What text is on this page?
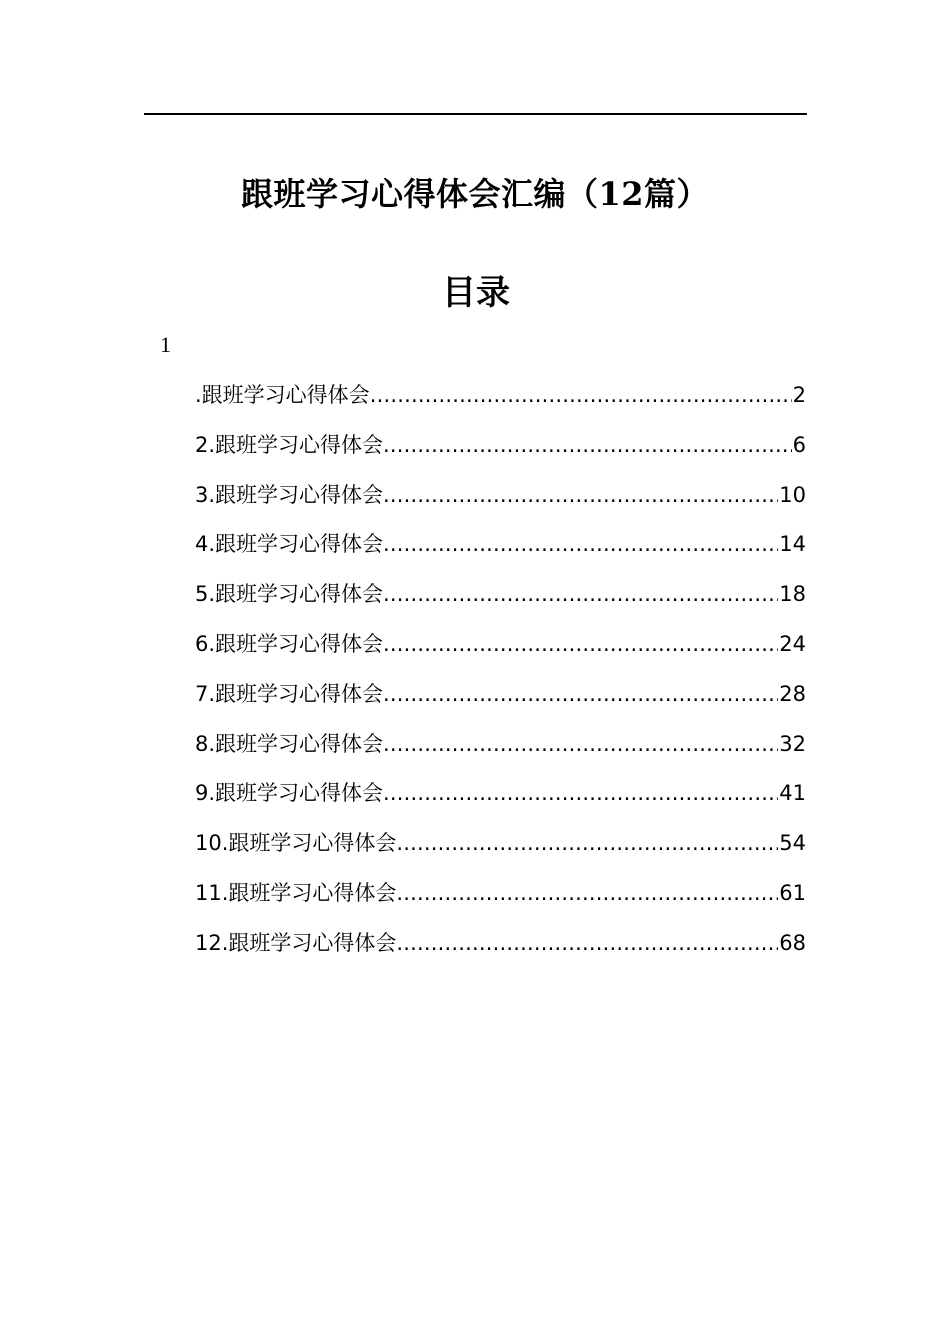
跟班学习心得体会汇编（12篇）
目录
1
.跟班学习心得体会 .....	2
2.跟班学习心得体会 .....	6
3.跟班学习心得体会 .....	10
4.跟班学习心得体会 .....	14
5.跟班学习心得体会 .....	18
6.跟班学习心得体会 .....	24
7.跟班学习心得体会 .....	28
8.跟班学习心得体会 .....	32
9.跟班学习心得体会 .....	41
10.跟班学习心得体会 .....	54
11.跟班学习心得体会 .....	61
12.跟班学习心得体会 .....	68
